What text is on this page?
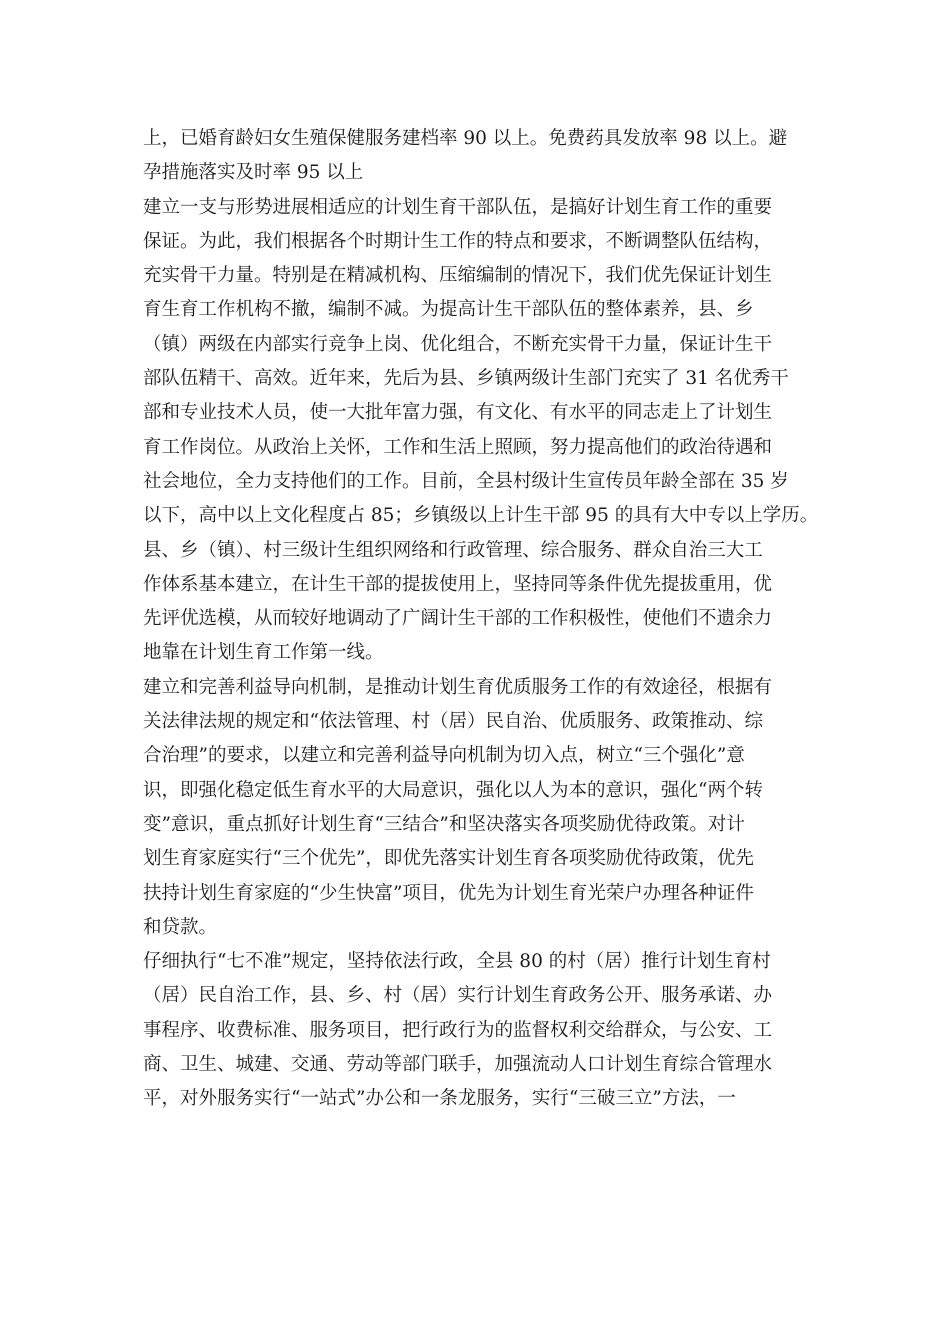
上，已婚育龄妇女生殖保健服务建档率 90 以上。免费药具发放率 98 以上。避
孕措施落实及时率 95 以上
建立一支与形势进展相适应的计划生育干部队伍，是搞好计划生育工作的重要
保证。为此，我们根据各个时期计生工作的特点和要求，不断调整队伍结构，
充实骨干力量。特别是在精减机构、压缩编制的情况下，我们优先保证计划生
育生育工作机构不撤，编制不减。为提高计生干部队伍的整体素养，县、乡
（镇）两级在内部实行竞争上岗、优化组合，不断充实骨干力量，保证计生干
部队伍精干、高效。近年来，先后为县、乡镇两级计生部门充实了 31 名优秀干
部和专业技术人员，使一大批年富力强，有文化、有水平的同志走上了计划生
育工作岗位。从政治上关怀，工作和生活上照顾，努力提高他们的政治待遇和
社会地位，全力支持他们的工作。目前，全县村级计生宣传员年龄全部在 35 岁
以下，高中以上文化程度占 85；乡镇级以上计生干部 95 的具有大中专以上学历。
县、乡（镇）、村三级计生组织网络和行政管理、综合服务、群众自治三大工
作体系基本建立，在计生干部的提拔使用上，坚持同等条件优先提拔重用，优
先评优选模，从而较好地调动了广阔计生干部的工作积极性，使他们不遗余力
地靠在计划生育工作第一线。
建立和完善利益导向机制，是推动计划生育优质服务工作的有效途径，根据有
关法律法规的规定和“依法管理、村（居）民自治、优质服务、政策推动、综
合治理”的要求，以建立和完善利益导向机制为切入点，树立“三个强化”意
识，即强化稳定低生育水平的大局意识，强化以人为本的意识，强化“两个转
变”意识，重点抓好计划生育“三结合”和坚决落实各项奖励优待政策。对计
划生育家庭实行“三个优先”，即优先落实计划生育各项奖励优待政策，优先
扶持计划生育家庭的“少生快富”项目，优先为计划生育光荣户办理各种证件
和贷款。
仔细执行“七不准”规定，坚持依法行政，全县 80 的村（居）推行计划生育村
（居）民自治工作，县、乡、村（居）实行计划生育政务公开、服务承诺、办
事程序、收费标准、服务项目，把行政行为的监督权利交给群众，与公安、工
商、卫生、城建、交通、劳动等部门联手，加强流动人口计划生育综合管理水
平，对外服务实行“一站式”办公和一条龙服务，实行“三破三立”方法，一
